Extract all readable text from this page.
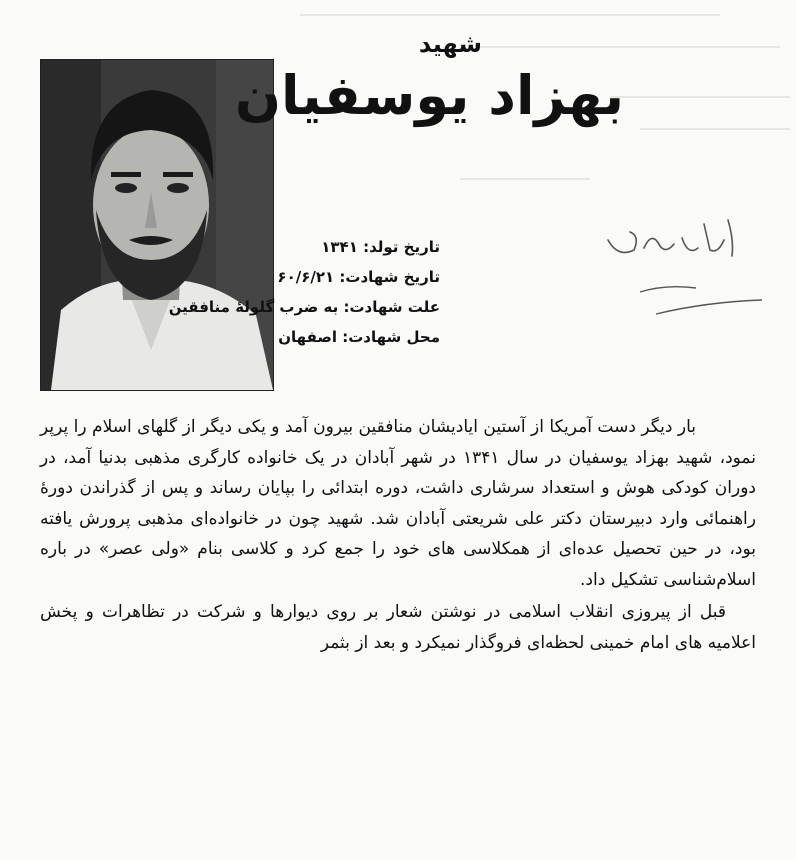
شهید
بهزاد یوسفیان
تاریخ تولد: ۱۳۴۱
تاریخ شهادت: ۶۰/۶/۲۱
علت شهادت: به ضرب گلولهٔ منافقین
محل شهادت: اصفهان

بار دیگر دست آمریکا از آستین ایادیشان منافقین بیرون آمد و یکی دیگر از گلهای اسلام را پرپر نمود، شهید بهزاد یوسفیان در سال ۱۳۴۱ در شهر آبادان در یک خانواده کارگری مذهبی بدنیا آمد، در دوران کودکی هوش و استعداد سرشاری داشت، دوره ابتدائی را بپایان رساند و پس از گذراندن دورهٔ راهنمائی وارد دبیرستان دکتر علی شریعتی آبادان شد. شهید چون در خانواده‌ای مذهبی پرورش یافته بود، در حین تحصیل عده‌ای از همکلاسی های خود را جمع کرد و کلاسی بنام «ولی عصر» در باره اسلام‌شناسی تشکیل داد.

قبل از پیروزی انقلاب اسلامی در نوشتن شعار بر روی دیوارها و شرکت در تظاهرات و پخش اعلامیه های امام خمینی لحظه‌ای فروگذار نمیکرد و بعد از بثمر
